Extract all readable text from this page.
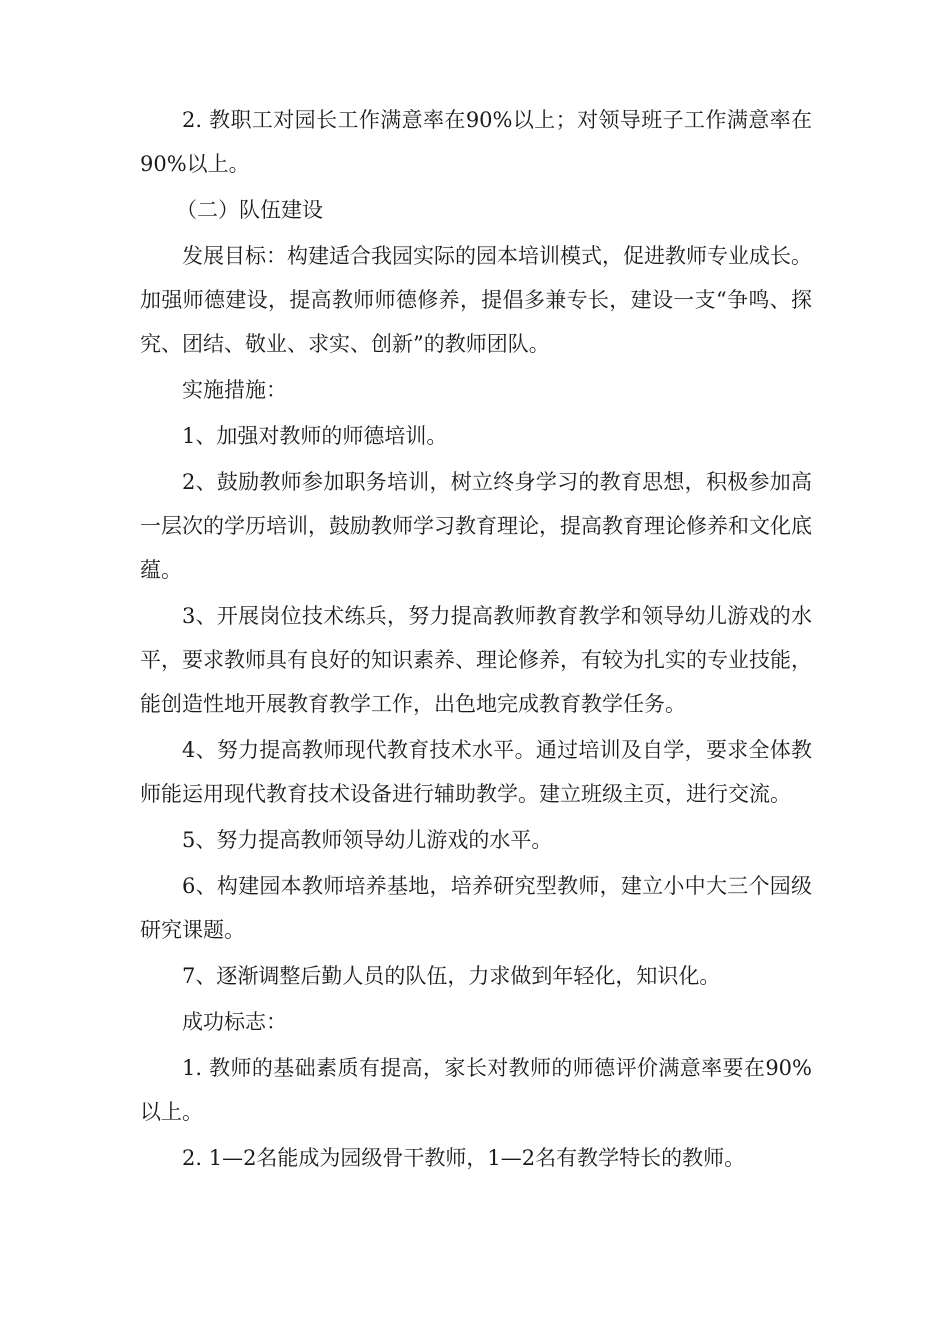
2. 教职工对园长工作满意率在90%以上；对领导班子工作满意率在90%以上。

（二）队伍建设

发展目标：构建适合我园实际的园本培训模式，促进教师专业成长。加强师德建设，提高教师师德修养，提倡多兼专长，建设一支“争鸣、探究、团结、敬业、求实、创新”的教师团队。

实施措施：

1、加强对教师的师德培训。

2、鼓励教师参加职务培训，树立终身学习的教育思想，积极参加高一层次的学历培训，鼓励教师学习教育理论，提高教育理论修养和文化底蕴。

3、开展岗位技术练兵，努力提高教师教育教学和领导幼儿游戏的水平，要求教师具有良好的知识素养、理论修养，有较为扎实的专业技能，能创造性地开展教育教学工作，出色地完成教育教学任务。

4、努力提高教师现代教育技术水平。通过培训及自学，要求全体教师能运用现代教育技术设备进行辅助教学。建立班级主页，进行交流。

5、努力提高教师领导幼儿游戏的水平。

6、构建园本教师培养基地，培养研究型教师，建立小中大三个园级研究课题。

7、逐渐调整后勤人员的队伍，力求做到年轻化，知识化。

成功标志：

1. 教师的基础素质有提高，家长对教师的师德评价满意率要在90%以上。

2. 1—2名能成为园级骨干教师，1—2名有教学特长的教师。
